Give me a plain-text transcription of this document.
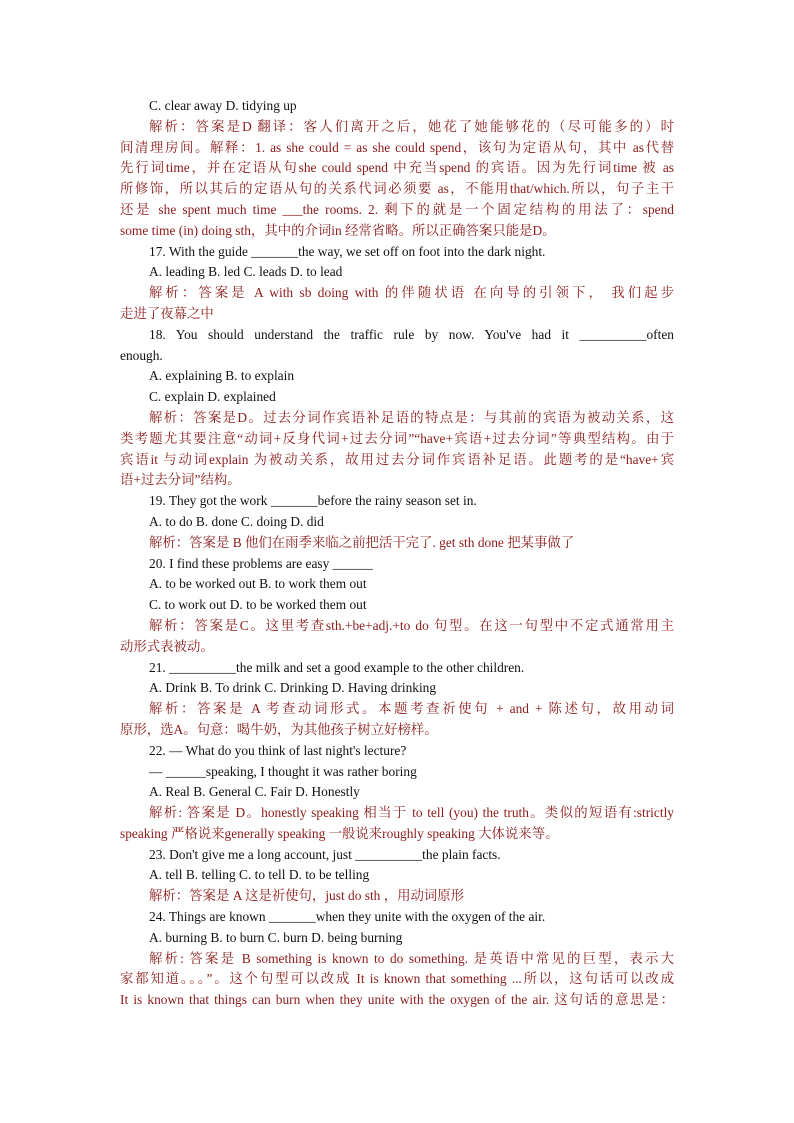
C. clear away D. tidying up
解析：答案是D 翻译：客人们离开之后，她花了她能够花的（尽可能多的）时
间清理房间。解释：1. as she could = as she could spend，该句为定语从句，其中 as代替
先行词time，并在定语从句she could spend 中充当spend 的宾语。因为先行词time 被 as
所修饰，所以其后的定语从句的关系代词必须要 as，不能用that/which.所以，句子主干
还是 she spent much time ___the rooms. 2. 剩下的就是一个固定结构的用法了：spend
some time (in) doing sth，其中的介词in 经常省略。所以正确答案只能是D。
17. With the guide _______the way, we set off on foot into the dark night.
A. leading B. led C. leads D. to lead
解析：答案是 A with sb doing with 的伴随状语 在向导的引领下， 我们起步
走进了夜幕之中
18. You should understand the traffic rule by now. You've had it __________often
enough.
A. explaining B. to explain
C. explain D. explained
解析：答案是D。过去分词作宾语补足语的特点是：与其前的宾语为被动关系，这
类考题尤其要注意“动词+反身代词+过去分词”“have+宾语+过去分词”等典型结构。由于
宾语it 与动词explain 为被动关系，故用过去分词作宾语补足语。此题考的是“have+宾
语+过去分词”结构。
19. They got the work _______before the rainy season set in.
A. to do B. done C. doing D. did
解析：答案是 B 他们在雨季来临之前把活干完了. get sth done 把某事做了
20. I find these problems are easy ______
A. to be worked out B. to work them out
C. to work out D. to be worked them out
解析：答案是C。这里考查sth.+be+adj.+to do 句型。在这一句型中不定式通常用主
动形式表被动。
21. __________the milk and set a good example to the other children.
A. Drink B. To drink C. Drinking D. Having drinking
解析：答案是 A 考查动词形式。本题考查祈使句 + and + 陈述句，故用动词
原形，选A。句意：喝牛奶，为其他孩子树立好榜样。
22. — What do you think of last night's lecture?
— ______speaking, I thought it was rather boring
A. Real B. General C. Fair D. Honestly
解析: 答案是 D。honestly speaking 相当于 to tell (you) the truth。类似的短语有:strictly
speaking 严格说来generally speaking 一般说来roughly speaking 大体说来等。
23. Don't give me a long account, just __________the plain facts.
A. tell B. telling C. to tell D. to be telling
解析：答案是 A 这是祈使句，just do sth ，用动词原形
24. Things are known _______when they unite with the oxygen of the air.
A. burning B. to burn C. burn D. being burning
解析: 答案是 B something is known to do something. 是英语中常见的巨型，表示大
家都知道。。。”。这个句型可以改成 It is known that something ...所以，这句话可以改成
It is known that things can burn when they unite with the oxygen of the air. 这句话的意思是：
